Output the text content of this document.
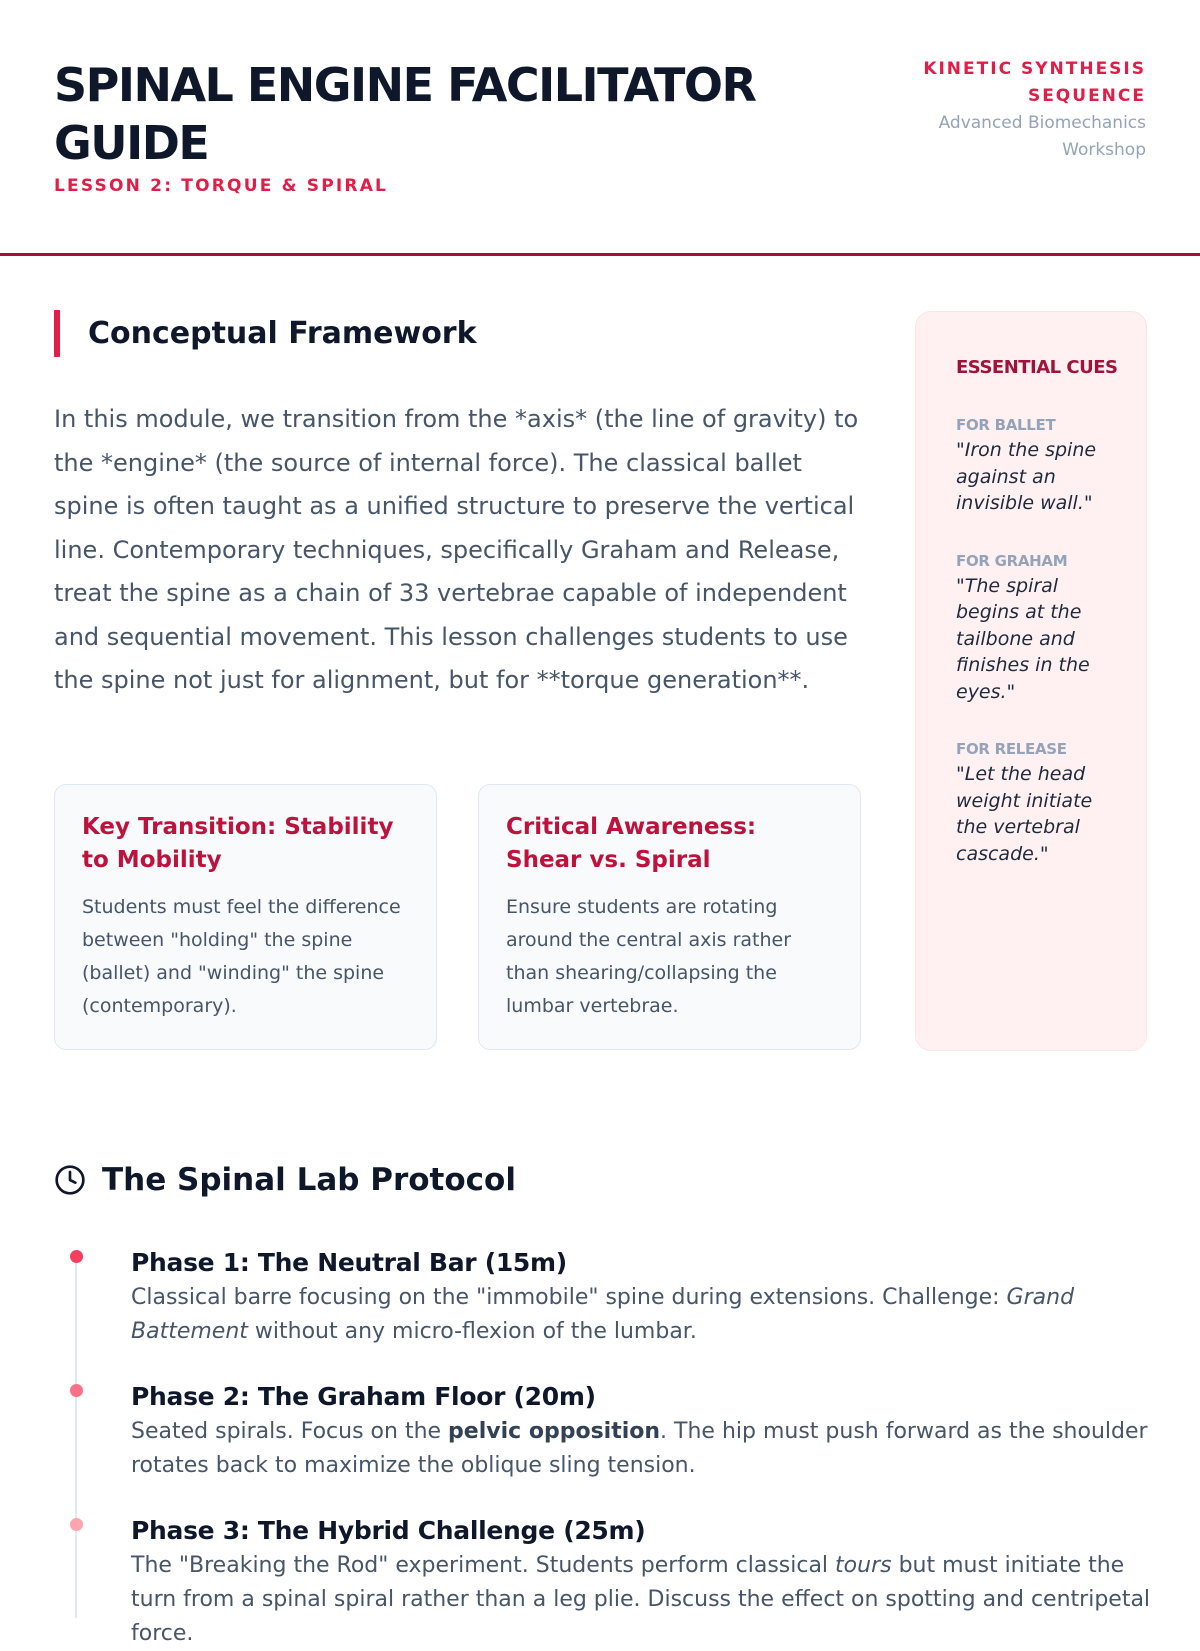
SPINAL ENGINE FACILITATOR GUIDE
LESSON 2: TORQUE & SPIRAL
KINETIC SYNTHESIS SEQUENCE
Advanced Biomechanics Workshop
Conceptual Framework

In this module, we transition from the *axis* (the line of gravity) to the *engine* (the source of internal force). The classical ballet spine is often taught as a unified structure to preserve the vertical line. Contemporary techniques, specifically Graham and Release, treat the spine as a chain of 33 vertebrae capable of independent and sequential movement. This lesson challenges students to use the spine not just for alignment, but for **torque generation**.

Key Transition: Stability to Mobility
Students must feel the difference between "holding" the spine (ballet) and "winding" the spine (contemporary).
Critical Awareness: Shear vs. Spiral
Ensure students are rotating around the central axis rather than shearing/collapsing the lumbar vertebrae.
ESSENTIAL CUES
FOR BALLET
"Iron the spine against an invisible wall."
FOR GRAHAM
"The spiral begins at the tailbone and finishes in the eyes."
FOR RELEASE
"Let the head weight initiate the vertebral cascade."
The Spinal Lab Protocol
Phase 1: The Neutral Bar (15m)
Classical barre focusing on the "immobile" spine during extensions. Challenge: Grand Battement without any micro-flexion of the lumbar.
Phase 2: The Graham Floor (20m)
Seated spirals. Focus on the pelvic opposition. The hip must push forward as the shoulder rotates back to maximize the oblique sling tension.
Phase 3: The Hybrid Challenge (25m)
The "Breaking the Rod" experiment. Students perform classical tours but must initiate the turn from a spinal spiral rather than a leg plie. Discuss the effect on spotting and centripetal force.
